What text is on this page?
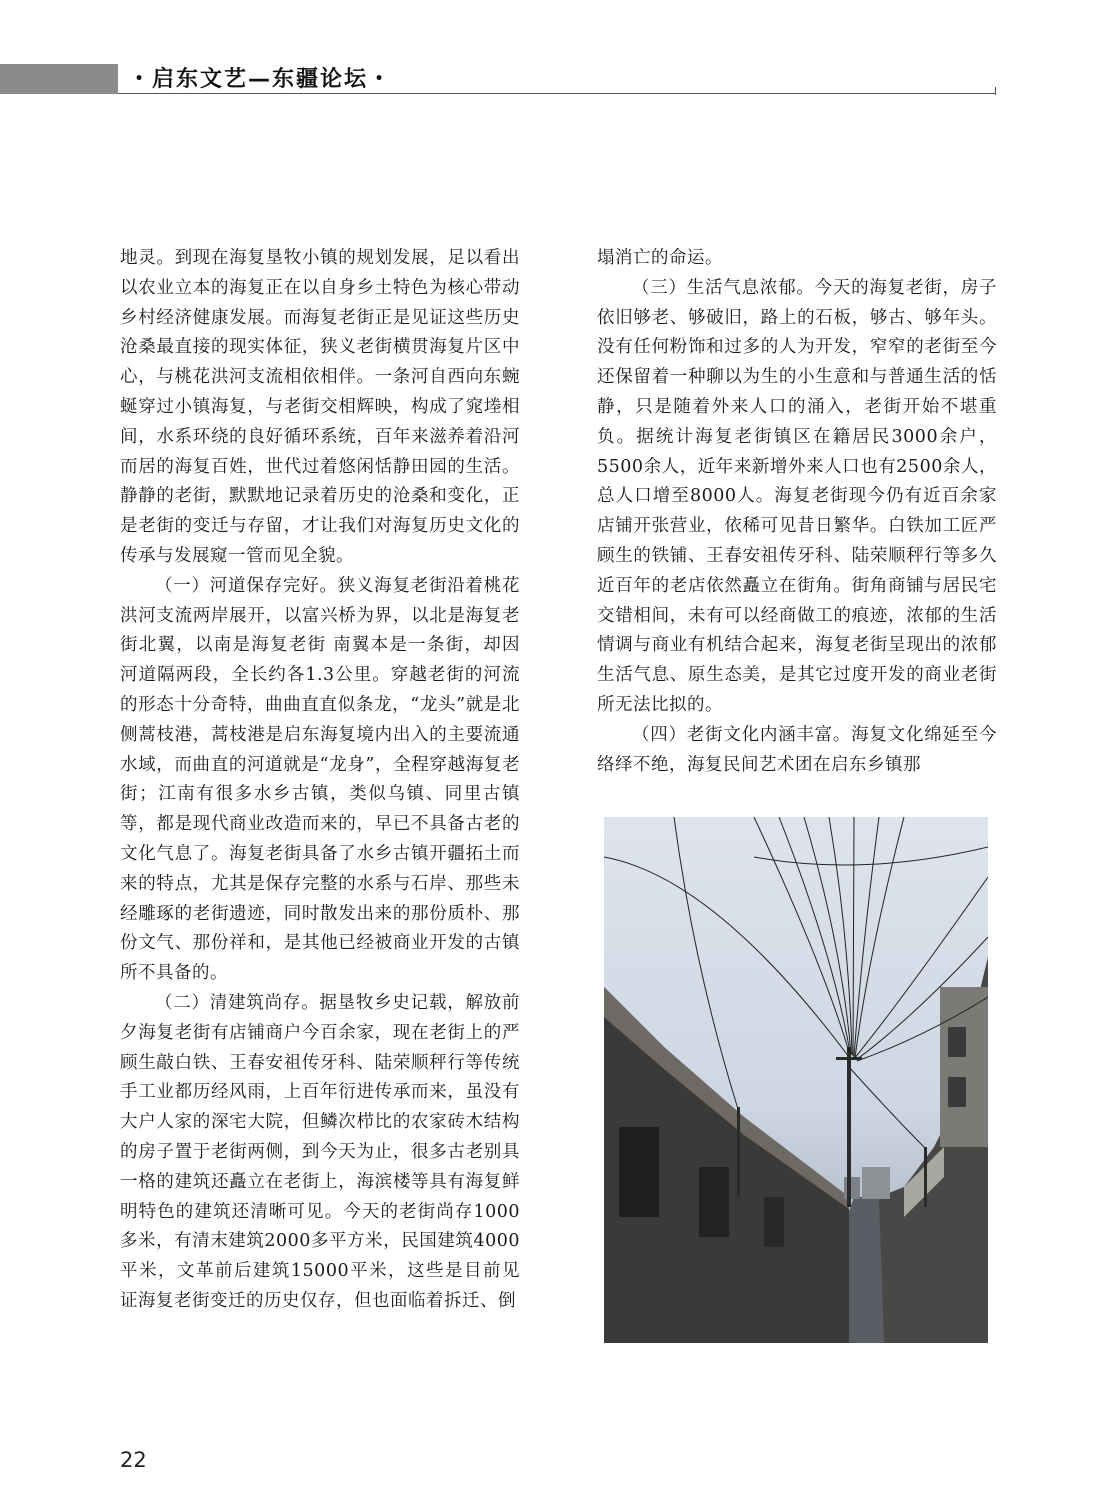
・启东文艺—东疆论坛・

地灵。到现在海复垦牧小镇的规划发展，足以看出以农业立本的海复正在以自身乡土特色为核心带动乡村经济健康发展。而海复老街正是见证这些历史沧桑最直接的现实体征，狭义老街横贯海复片区中心，与桃花洪河支流相依相伴。一条河自西向东蜿蜒穿过小镇海复，与老街交相辉映，构成了窕堘相间，水系环绕的良好循环系统，百年来滋养着沿河而居的海复百姓，世代过着悠闲恬静田园的生活。静静的老街，默默地记录着历史的沧桑和变化，正是老街的变迁与存留，才让我们对海复历史文化的传承与发展窥一管而见全貌。

（一）河道保存完好。狭义海复老街沿着桃花洪河支流两岸展开，以富兴桥为界，以北是海复老街北翼，以南是海复老街 南翼本是一条街，却因河道隔两段，全长约各1.3公里。穿越老街的河流的形态十分奇特，曲曲直直似条龙，“龙头”就是北侧蒿枝港，蒿枝港是启东海复境内出入的主要流通水域，而曲直的河道就是“龙身”，全程穿越海复老街；江南有很多水乡古镇，类似乌镇、同里古镇等，都是现代商业改造而来的，早已不具备古老的文化气息了。海复老街具备了水乡古镇开疆拓土而来的特点，尤其是保存完整的水系与石岸、那些未经雕琢的老街遗迹，同时散发出来的那份质朴、那份文气、那份祥和，是其他已经被商业开发的古镇所不具备的。

（二）清建筑尚存。据垦牧乡史记载，解放前夕海复老街有店铺商户今百余家，现在老街上的严顾生敲白铁、王春安祖传牙科、陆荣顺秤行等传统手工业都历经风雨，上百年衍进传承而来，虽没有大户人家的深宅大院，但鳞次栉比的农家砖木结构的房子置于老街两侧，到今天为止，很多古老别具一格的建筑还矗立在老街上，海滨楼等具有海复鲜明特色的建筑还清晰可见。今天的老街尚存1000多米，有清末建筑2000多平方米，民国建筑4000平米，文革前后建筑15000平米，这些是目前见证海复老街变迁的历史仅存，但也面临着拆迁、倒

塌消亡的命运。

（三）生活气息浓郁。今天的海复老街，房子依旧够老、够破旧，路上的石板，够古、够年头。没有任何粉饰和过多的人为开发，窄窄的老街至今还保留着一种聊以为生的小生意和与普通生活的恬静，只是随着外来人口的涌入，老街开始不堪重负。据统计海复老街镇区在籍居民3000余户，5500余人，近年来新增外来人口也有2500余人，总人口增至8000人。海复老街现今仍有近百余家店铺开张营业，依稀可见昔日繁华。白铁加工匠严顾生的铁铺、王春安祖传牙科、陆荣顺秤行等多久近百年的老店依然矗立在街角。街角商铺与居民宅交错相间，未有可以经商做工的痕迹，浓郁的生活情调与商业有机结合起来，海复老街呈现出的浓郁生活气息、原生态美，是其它过度开发的商业老街所无法比拟的。

（四）老街文化内涵丰富。海复文化绵延至今络绎不绝，海复民间艺术团在启东乡镇那

22
